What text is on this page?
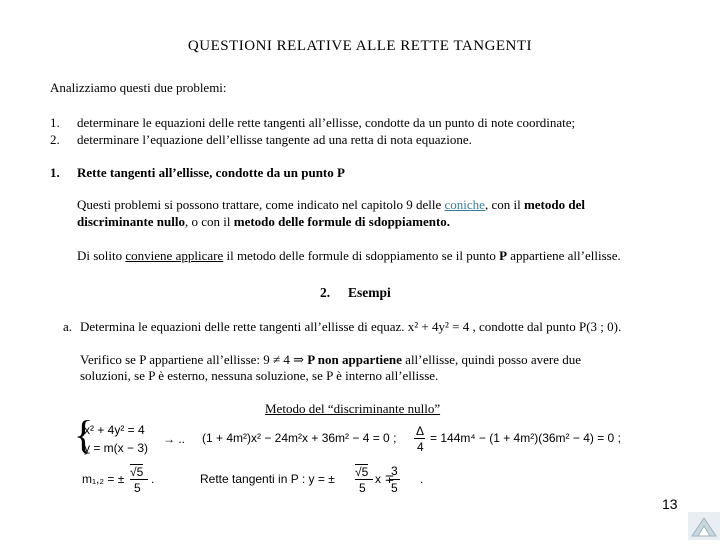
QUESTIONI RELATIVE ALLE RETTE TANGENTI
Analizziamo questi due problemi:
1. determinare le equazioni delle rette tangenti all’ellisse, condotte da un punto di note coordinate;
2. determinare l’equazione dell’ellisse tangente ad una retta di nota equazione.
1. Rette tangenti all’ellisse, condotte da un punto P
Questi problemi si possono trattare, come indicato nel capitolo 9 delle coniche, con il metodo del
discriminante nullo, o con il metodo delle formule di sdoppiamento.
Di solito conviene applicare il metodo delle formule di sdoppiamento se il punto P appartiene all’ellisse.
2. Esempi
a. Determina le equazioni delle rette tangenti all’ellisse di equaz. x² + 4y² = 4 , condotte dal punto P(3 ; 0).
Verifico se P appartiene all’ellisse: 9 ≠ 4 ⇒ P non appartiene all’ellisse, quindi posso avere due
soluzioni, se P è esterno, nessuna soluzione, se P è interno all’ellisse.
Metodo del “discriminante nullo”
{
x² + 4y² = 4
y = m(x − 3)
→ .. (1 + 4m²)x² − 24m²x + 36m² − 4 = 0 ; Δ
4
= 144m⁴ − (1 + 4m²)(36m² − 4) = 0 ;
m₁,₂ = ± √5
5
.	Rette tangenti in P : y = ± √5
5
x ∓
3
5
.
13
